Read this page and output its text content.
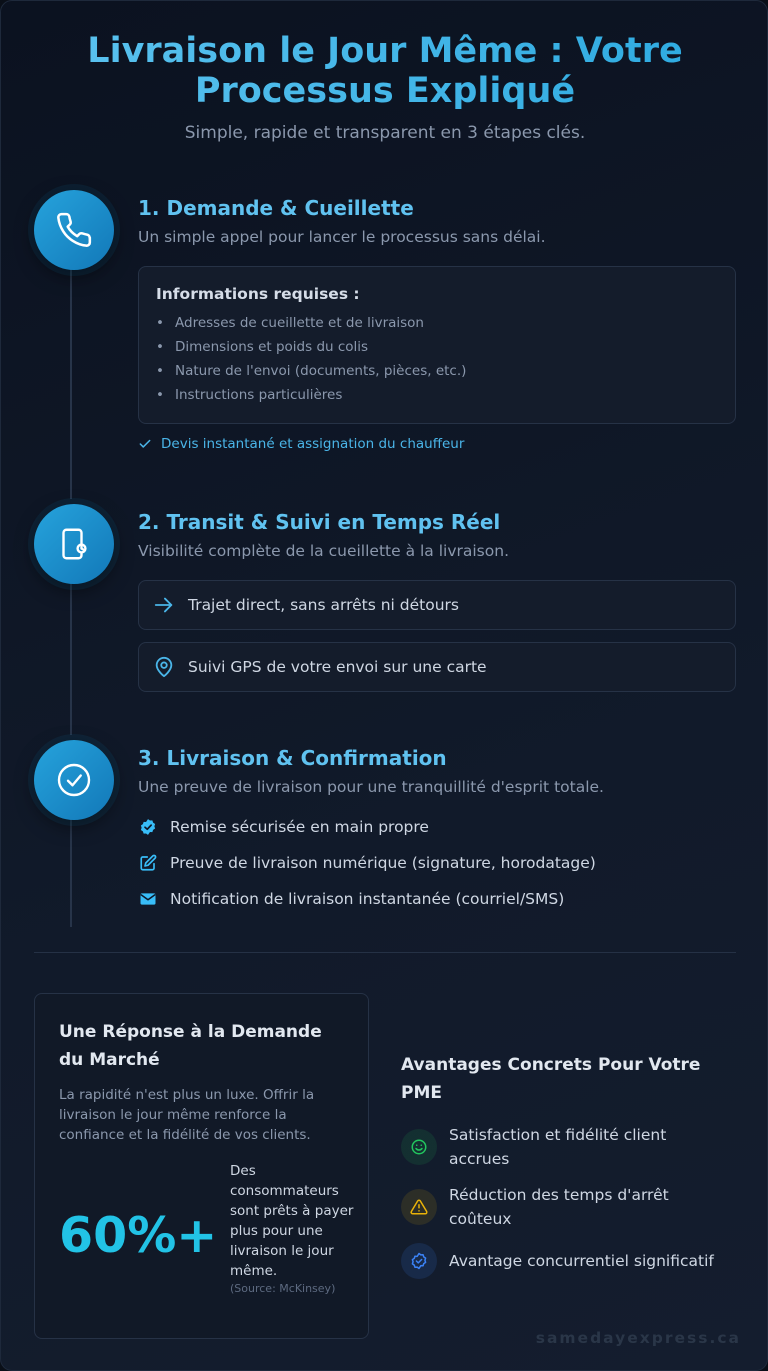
Livraison le Jour Même : Votre
Processus Expliqué
Simple, rapide et transparent en 3 étapes clés.
1. Demande & Cueillette
Un simple appel pour lancer le processus sans délai.
Informations requises :
• Adresses de cueillette et de livraison
• Dimensions et poids du colis
• Nature de l'envoi (documents, pièces, etc.)
• Instructions particulières
Devis instantané et assignation du chauffeur
2. Transit & Suivi en Temps Réel
Visibilité complète de la cueillette à la livraison.
Trajet direct, sans arrêts ni détours
Suivi GPS de votre envoi sur une carte
3. Livraison & Confirmation
Une preuve de livraison pour une tranquillité d'esprit totale.
Remise sécurisée en main propre
Preuve de livraison numérique (signature, horodatage)
Notification de livraison instantanée (courriel/SMS)
Une Réponse à la Demande du Marché
La rapidité n'est plus un luxe. Offrir la livraison le jour même renforce la confiance et la fidélité de vos clients.
60%+
Des consommateurs sont prêts à payer plus pour une livraison le jour même.
(Source: McKinsey)
Avantages Concrets Pour Votre PME
Satisfaction et fidélité client accrues
Réduction des temps d'arrêt coûteux
Avantage concurrentiel significatif
samedayexpress.ca
